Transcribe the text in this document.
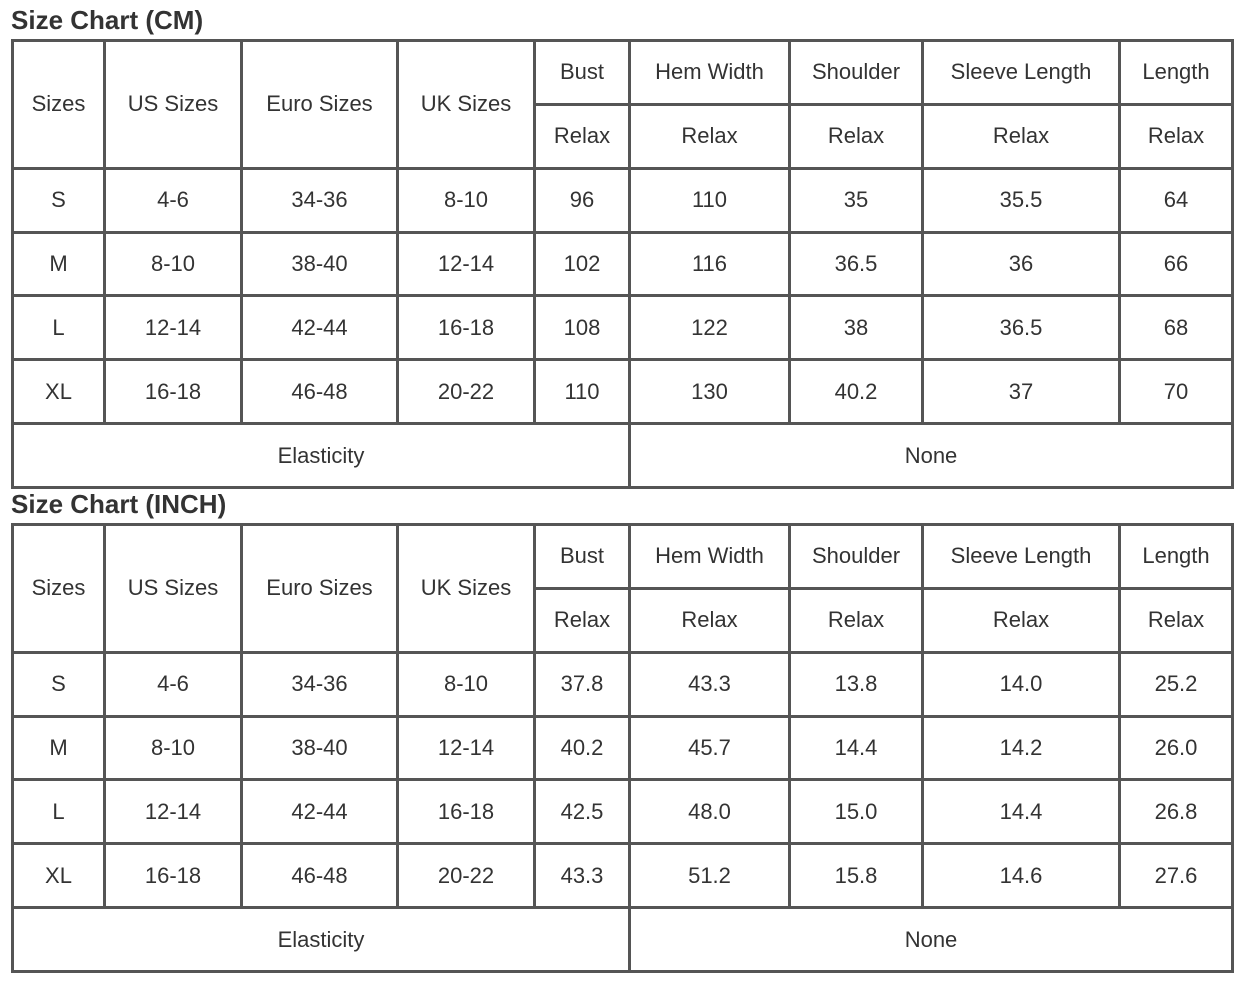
Size Chart (CM)
Sizes	US Sizes	Euro Sizes	UK Sizes	Bust	Hem Width	Shoulder	Sleeve Length	Length
				Relax	Relax	Relax	Relax	Relax
S	4-6	34-36	8-10	96	110	35	35.5	64
M	8-10	38-40	12-14	102	116	36.5	36	66
L	12-14	42-44	16-18	108	122	38	36.5	68
XL	16-18	46-48	20-22	110	130	40.2	37	70
Elasticity					None			
Size Chart (INCH)
Sizes	US Sizes	Euro Sizes	UK Sizes	Bust	Hem Width	Shoulder	Sleeve Length	Length
				Relax	Relax	Relax	Relax	Relax
S	4-6	34-36	8-10	37.8	43.3	13.8	14.0	25.2
M	8-10	38-40	12-14	40.2	45.7	14.4	14.2	26.0
L	12-14	42-44	16-18	42.5	48.0	15.0	14.4	26.8
XL	16-18	46-48	20-22	43.3	51.2	15.8	14.6	27.6
Elasticity					None			
